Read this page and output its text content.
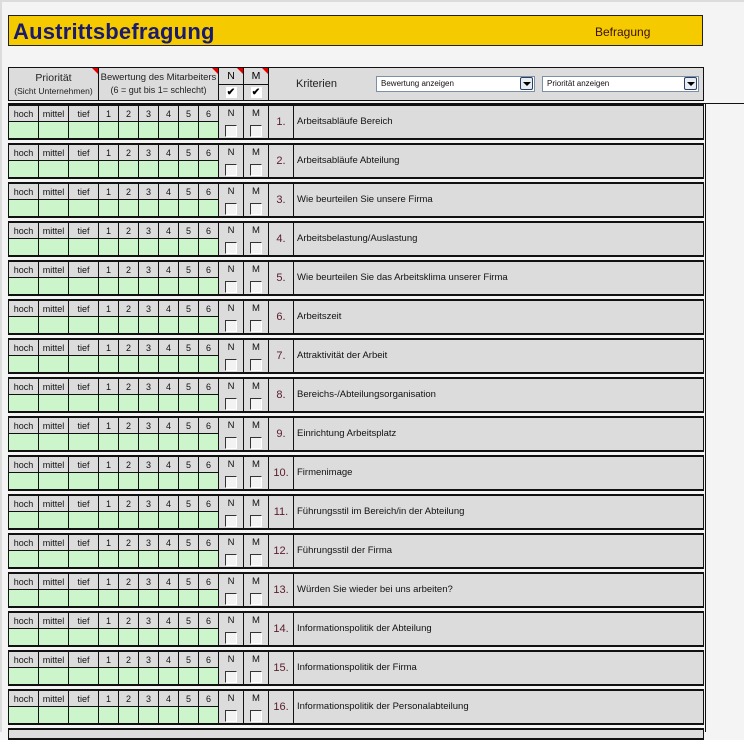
Austrittsbefragung	Befragung
Priorität
(Sicht Unternehmen)
Bewertung des Mitarbeiters
(6 = gut bis 1= schlecht)
N
✔
M
✔
Kriterien	Bewertung anzeigen	Priorität anzeigen
hoch	mittel	tief	1	2	3	4	5	6	N	M
1.	Arbeitsabläufe Bereich
hoch	mittel	tief	1	2	3	4	5	6	N	M
2.	Arbeitsabläufe Abteilung
hoch	mittel	tief	1	2	3	4	5	6	N	M
3.	Wie beurteilen Sie unsere Firma
hoch	mittel	tief	1	2	3	4	5	6	N	M
4.	Arbeitsbelastung/Auslastung
hoch	mittel	tief	1	2	3	4	5	6	N	M
5.	Wie beurteilen Sie das Arbeitsklima unserer Firma
hoch	mittel	tief	1	2	3	4	5	6	N	M
6.	Arbeitszeit
hoch	mittel	tief	1	2	3	4	5	6	N	M
7.	Attraktivität der Arbeit
hoch	mittel	tief	1	2	3	4	5	6	N	M
8.	Bereichs-/Abteilungsorganisation
hoch	mittel	tief	1	2	3	4	5	6	N	M
9.	Einrichtung Arbeitsplatz
hoch	mittel	tief	1	2	3	4	5	6	N	M
10. Firmenimage
hoch	mittel	tief	1	2	3	4	5	6	N	M
11. Führungsstil im Bereich/in der Abteilung
hoch	mittel	tief	1	2	3	4	5	6	N	M
12. Führungsstil der Firma
hoch	mittel	tief	1	2	3	4	5	6	N	M
13. Würden Sie wieder bei uns arbeiten?
hoch	mittel	tief	1	2	3	4	5	6	N	M
14. Informationspolitik der Abteilung
hoch	mittel	tief	1	2	3	4	5	6	N	M
15. Informationspolitik der Firma
hoch	mittel	tief	1	2	3	4	5	6	N	M
16. Informationspolitik der Personalabteilung
